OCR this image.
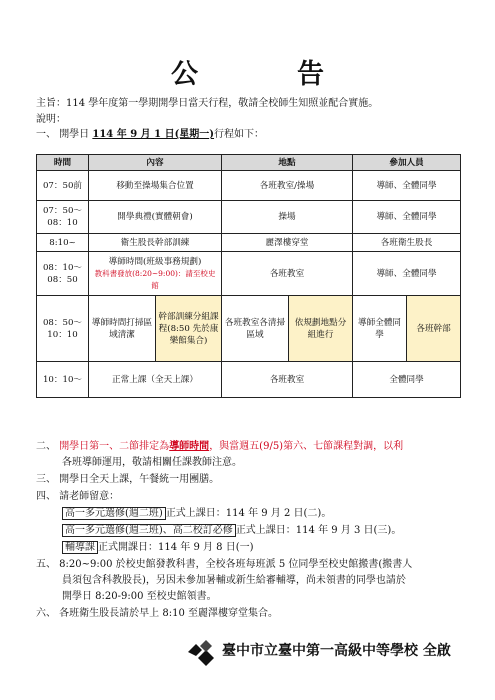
公　告
主旨：114 學年度第一學期開學日當天行程，敬請全校師生知照並配合實施。
說明：
一、 開學日 114 年 9 月 1 日(星期一)行程如下：
時間	內容		地點		參加人員	
07：50前	移動至操場集合位置		各班教室/操場		導師、全體同學	
07：50～08：10	開學典禮(實體朝會)		操場		導師、全體同學	
8:10~	衛生股長幹部訓練		麗澤樓穿堂		各班衛生股長	
08：10～08：50	導師時間(班級事務規劃)
教科書發放(8:20~9:00)：請至校史館		各班教室		導師、全體同學	
08：50～10：10	導師時間打掃區域清潔	幹部訓練分組課程(8:50 先於康樂館集合)	各班教室各清掃區域	依規劃地點分組進行	導師全體同學	各班幹部
10：10～	正常上課（全天上課）		各班教室		全體同學	
二、 開學日第一、二節排定為導師時間，與當週五(9/5)第六、七節課程對調，以利
各班導師運用，敬請相關任課教師注意。
三、 開學日全天上課，午餐統一用團膳。
四、 請老師留意：
高一多元選修(週二班) 正式上課日：114 年 9 月 2 日(二)。
高一多元選修(週三班)、高二校訂必修 正式上課日：114 年 9 月 3 日(三)。
輔導課 正式開課日：114 年 9 月 8 日(一)
五、 8:20~9:00 於校史館發教科書，全校各班每班派 5 位同學至校史館搬書(搬書人
員須包含科教股長)，另因未參加暑輔或新生給審輔導，尚未領書的同學也請於
開學日 8:20-9:00 至校史館領書。
六、 各班衛生股長請於早上 8:10 至麗澤樓穿堂集合。
臺中市立臺中第一高級中等學校 全啟
